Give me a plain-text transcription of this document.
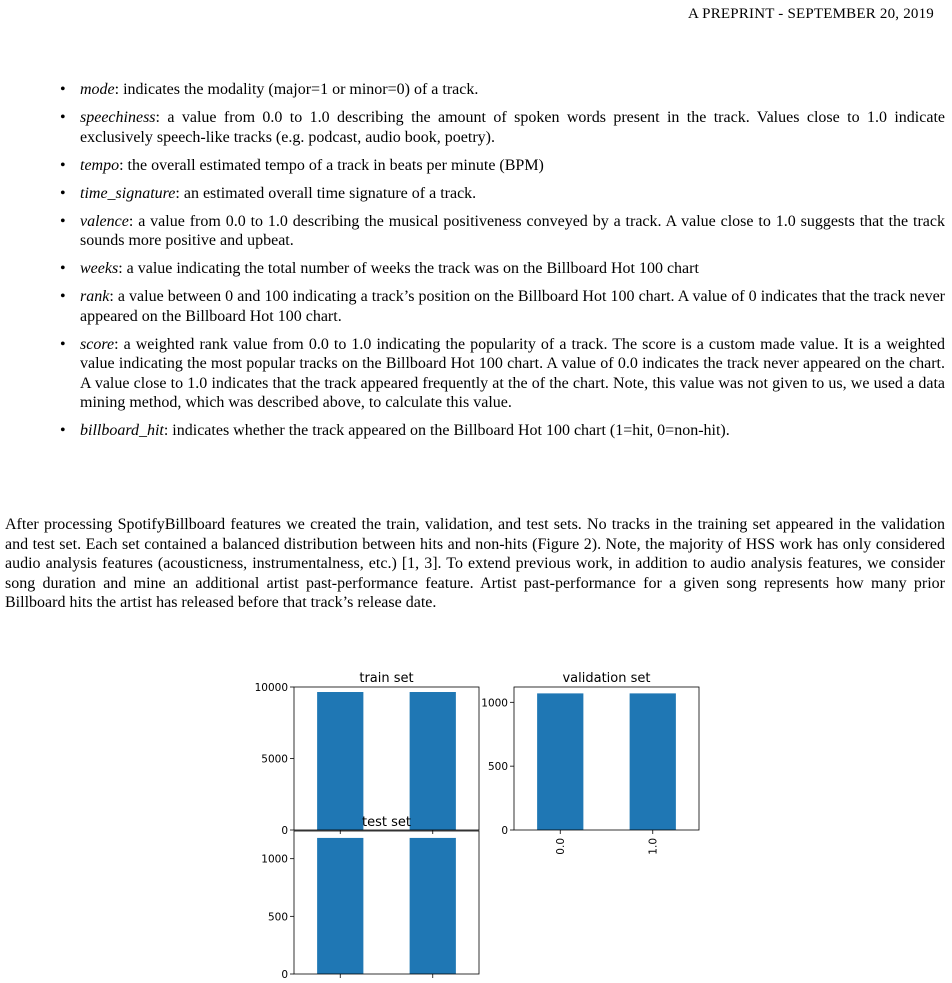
A PREPRINT - SEPTEMBER 20, 2019
• mode: indicates the modality (major=1 or minor=0) of a track.
• speechiness: a value from 0.0 to 1.0 describing the amount of spoken words present in the track. Values close to 1.0 indicate exclusively speech-like tracks (e.g. podcast, audio book, poetry).
• tempo: the overall estimated tempo of a track in beats per minute (BPM)
• time_signature: an estimated overall time signature of a track.
• valence: a value from 0.0 to 1.0 describing the musical positiveness conveyed by a track. A value close to 1.0 suggests that the track sounds more positive and upbeat.
• weeks: a value indicating the total number of weeks the track was on the Billboard Hot 100 chart
• rank: a value between 0 and 100 indicating a track’s position on the Billboard Hot 100 chart. A value of 0 indicates that the track never appeared on the Billboard Hot 100 chart.
• score: a weighted rank value from 0.0 to 1.0 indicating the popularity of a track. The score is a custom made value. It is a weighted value indicating the most popular tracks on the Billboard Hot 100 chart. A value of 0.0 indicates the track never appeared on the chart. A value close to 1.0 indicates that the track appeared frequently at the of the chart. Note, this value was not given to us, we used a data mining method, which was described above, to calculate this value.
• billboard_hit: indicates whether the track appeared on the Billboard Hot 100 chart (1=hit, 0=non-hit).

After processing SpotifyBillboard features we created the train, validation, and test sets. No tracks in the training set appeared in the validation and test set. Each set contained a balanced distribution between hits and non-hits (Figure 2). Note, the majority of HSS work has only considered audio analysis features (acousticness, instrumentalness, etc.) [1, 3]. To extend previous work, in addition to audio analysis features, we consider song duration and mine an additional artist past-performance feature. Artist past-performance for a given song represents how many prior Billboard hits the artist has released before that track’s release date.

0
5000
10000
train set
0
500
1000
0.0	1.0
validation set
0
500
1000
test set
